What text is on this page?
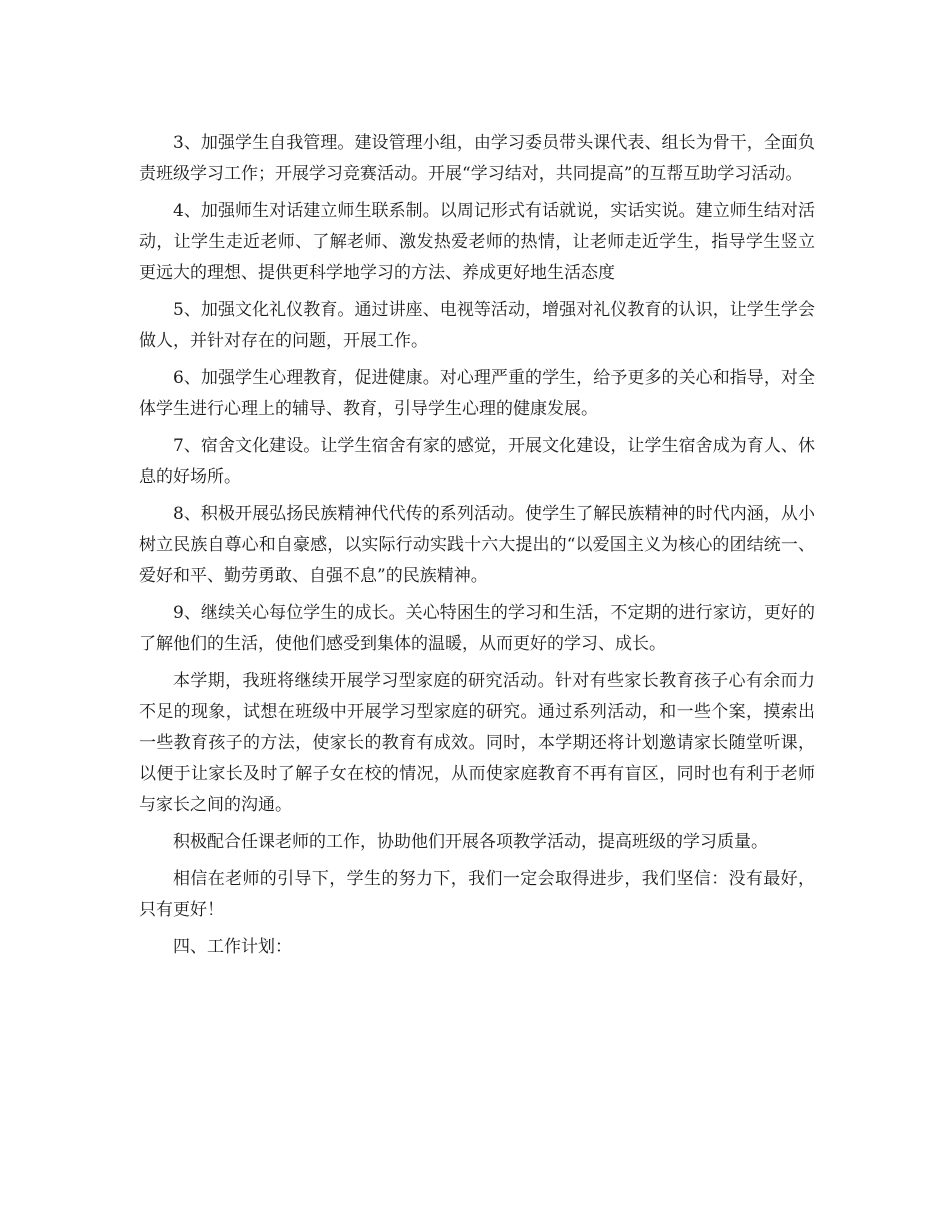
3、加强学生自我管理。建设管理小组，由学习委员带头课代表、组长为骨干，全面负责班级学习工作；开展学习竞赛活动。开展“学习结对，共同提高”的互帮互助学习活动。

4、加强师生对话建立师生联系制。以周记形式有话就说，实话实说。建立师生结对活动，让学生走近老师、了解老师、激发热爱老师的热情，让老师走近学生，指导学生竖立更远大的理想、提供更科学地学习的方法、养成更好地生活态度

5、加强文化礼仪教育。通过讲座、电视等活动，增强对礼仪教育的认识，让学生学会做人，并针对存在的问题，开展工作。

6、加强学生心理教育，促进健康。对心理严重的学生，给予更多的关心和指导，对全体学生进行心理上的辅导、教育，引导学生心理的健康发展。

7、宿舍文化建设。让学生宿舍有家的感觉，开展文化建设，让学生宿舍成为育人、休息的好场所。

8、积极开展弘扬民族精神代代传的系列活动。使学生了解民族精神的时代内涵，从小树立民族自尊心和自豪感，以实际行动实践十六大提出的“以爱国主义为核心的团结统一、爱好和平、勤劳勇敢、自强不息”的民族精神。

9、继续关心每位学生的成长。关心特困生的学习和生活，不定期的进行家访，更好的了解他们的生活，使他们感受到集体的温暖，从而更好的学习、成长。

本学期，我班将继续开展学习型家庭的研究活动。针对有些家长教育孩子心有余而力不足的现象，试想在班级中开展学习型家庭的研究。通过系列活动，和一些个案，摸索出一些教育孩子的方法，使家长的教育有成效。同时，本学期还将计划邀请家长随堂听课，以便于让家长及时了解子女在校的情况，从而使家庭教育不再有盲区，同时也有利于老师与家长之间的沟通。

积极配合任课老师的工作，协助他们开展各项教学活动，提高班级的学习质量。

相信在老师的引导下，学生的努力下，我们一定会取得进步，我们坚信：没有最好，只有更好！

四、工作计划：
